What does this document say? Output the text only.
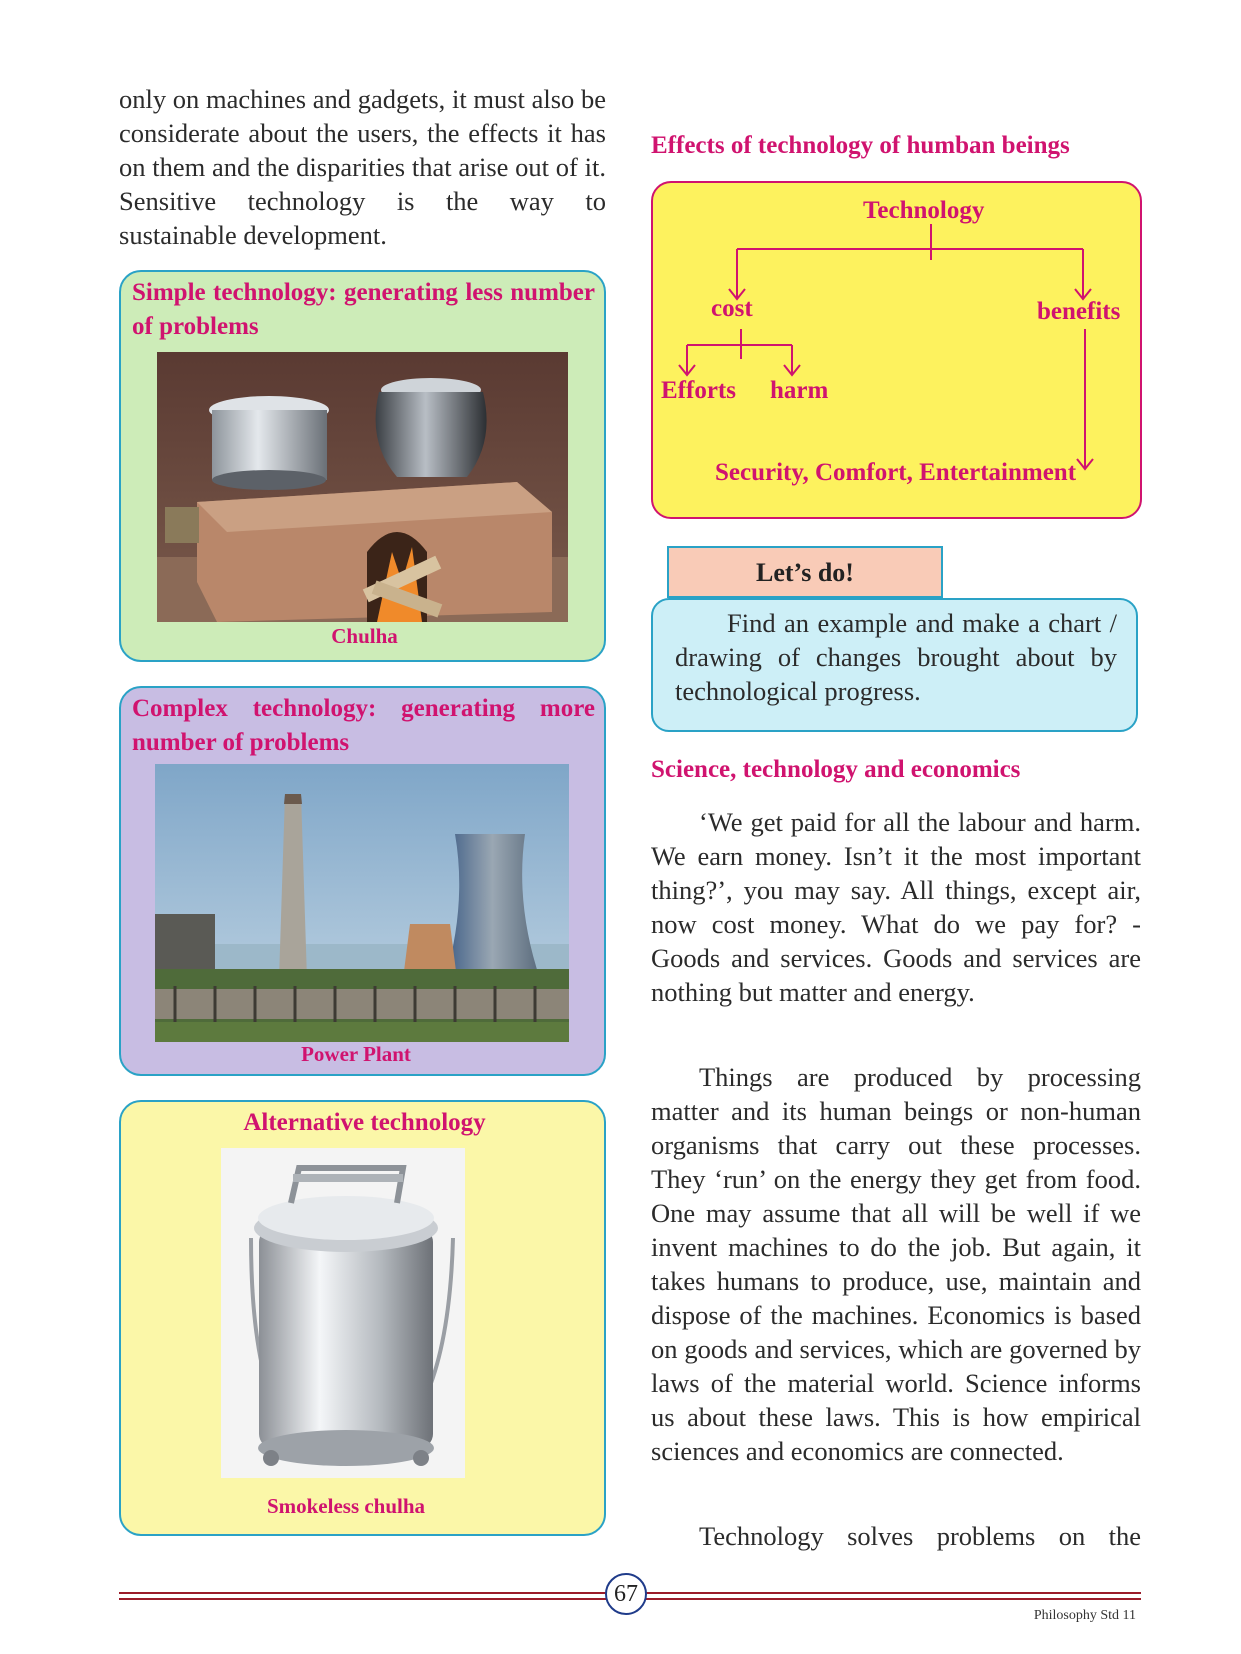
only on machines and gadgets, it must also be considerate about the users, the effects it has on them and the disparities that arise out of it. Sensitive technology is the way to sustainable development.

Simple technology: generating less number of problems
Chulha
Complex technology: generating more number of problems
Power Plant
Alternative technology
Smokeless chulha
Effects of technology of humban beings
Technology
cost	benefits
Efforts harm
Security, Comfort, Entertainment
Let’s do!

Find an example and make a chart / drawing of changes brought about by technological progress.

Science, technology and economics

‘We get paid for all the labour and harm. We earn money. Isn’t it the most important thing?’, you may say. All things, except air, now cost money. What do we pay for? - Goods and services. Goods and services are nothing but matter and energy.

Things are produced by processing matter and its human beings or non-human organisms that carry out these processes. They ‘run’ on the energy they get from food. One may assume that all will be well if we invent machines to do the job. But again, it takes humans to produce, use, maintain and dispose of the machines. Economics is based on goods and services, which are governed by laws of the material world. Science informs us about these laws. This is how empirical sciences and economics are connected.

Technology solves problems on the

67
Philosophy Std 11
